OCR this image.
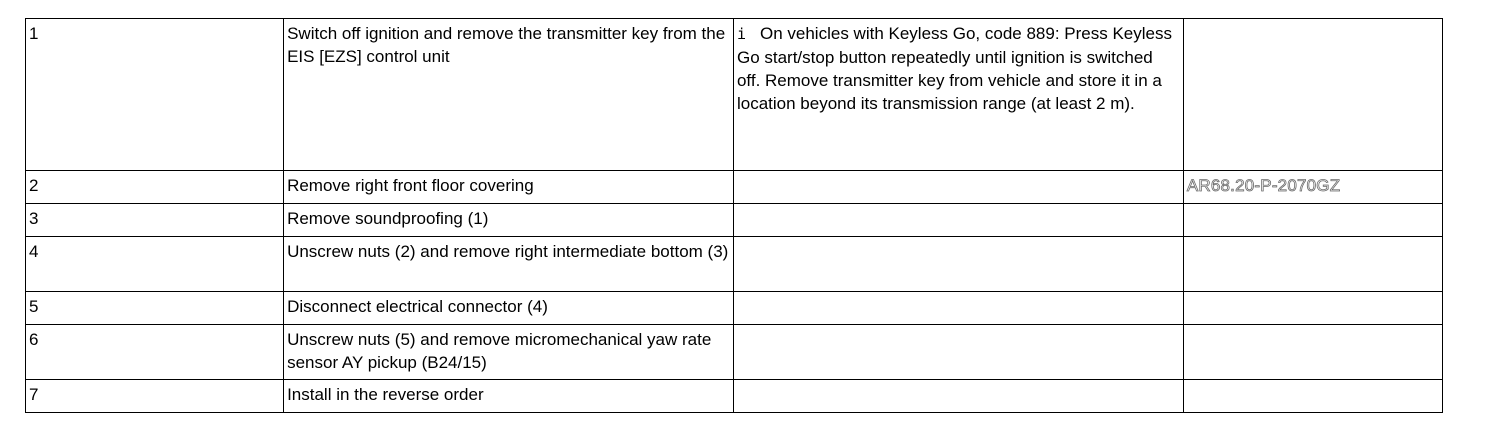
1	Switch off ignition and remove the transmitter key from the EIS [EZS] control unit	i On vehicles with Keyless Go, code 889: Press Keyless Go start/stop button repeatedly until ignition is switched off. Remove transmitter key from vehicle and store it in a location beyond its transmission range (at least 2 m).	
2	Remove right front floor covering		AR68.20-P-2070GZ
3	Remove soundproofing (1)		
4	Unscrew nuts (2) and remove right intermediate bottom (3)		
5	Disconnect electrical connector (4)		
6	Unscrew nuts (5) and remove micromechanical yaw rate sensor AY pickup (B24/15)		
7	Install in the reverse order		
